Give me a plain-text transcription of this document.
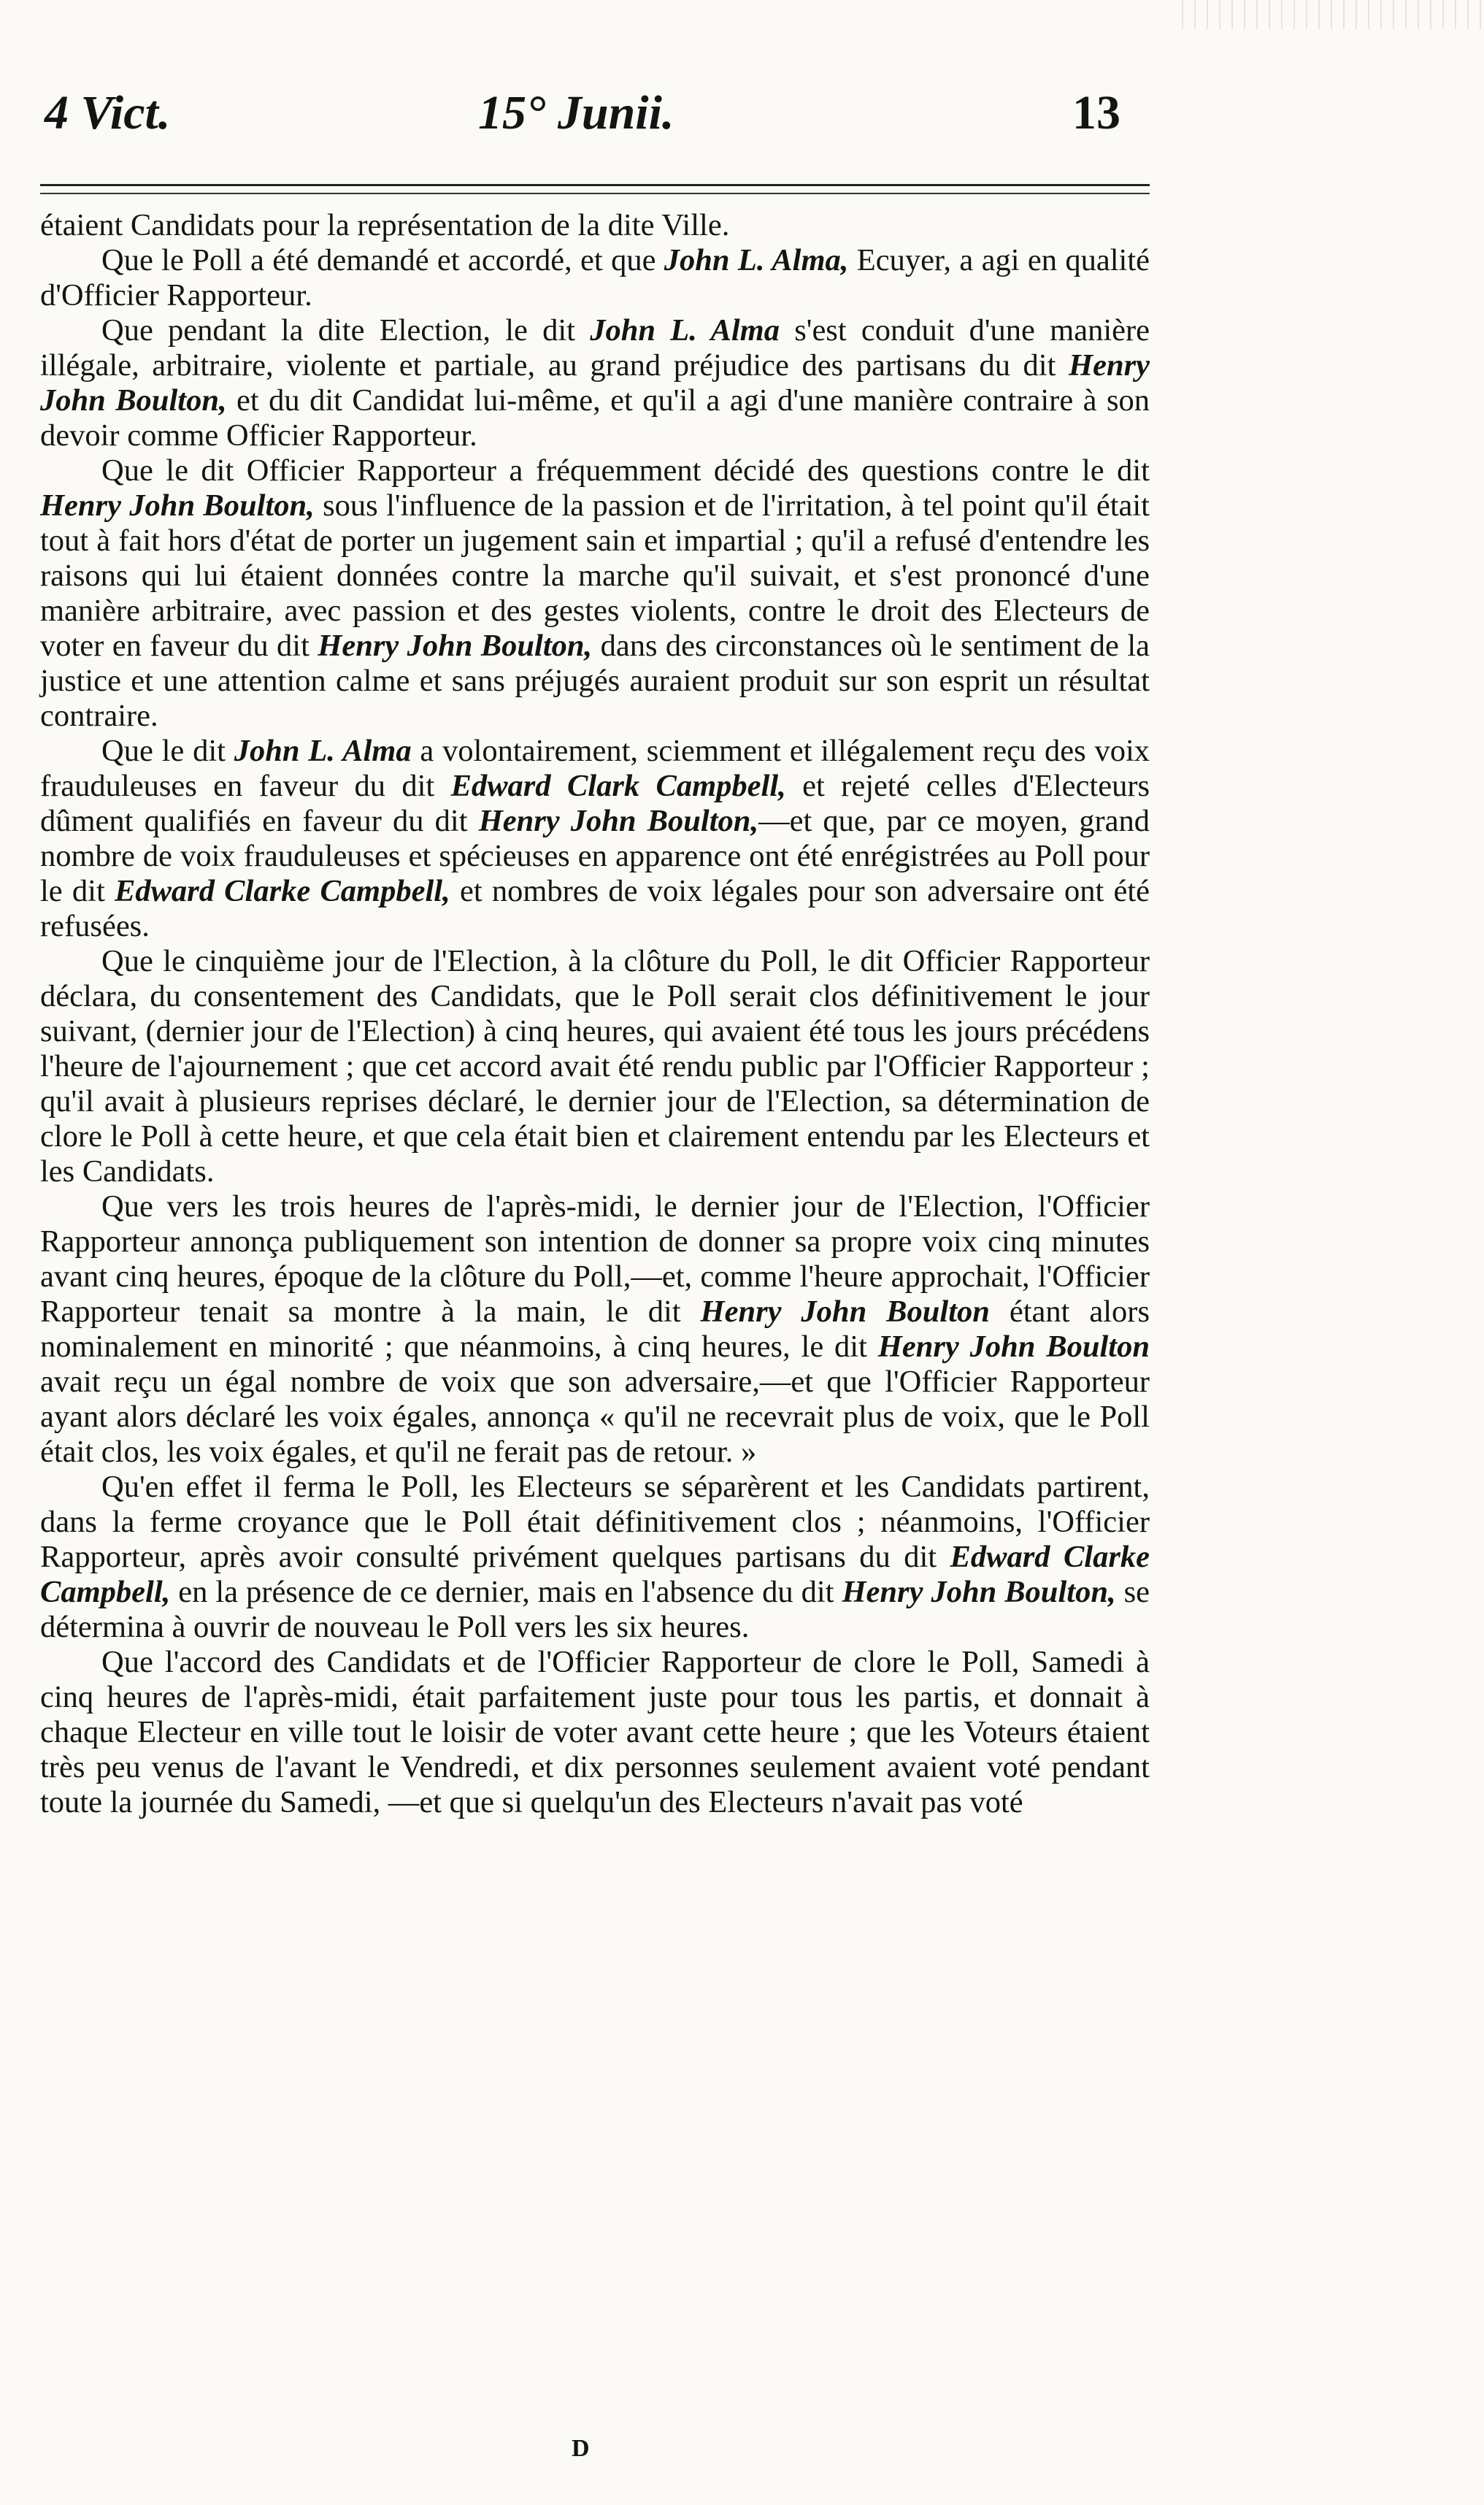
4 Vict.	15° Junii.	13

étaient Candidats pour la représentation de la dite Ville.

Que le Poll a été demandé et accordé, et que John L. Alma, Ecuyer, a agi en qualité d'Officier Rapporteur.

Que pendant la dite Election, le dit John L. Alma s'est conduit d'une manière illégale, arbitraire, violente et partiale, au grand préjudice des partisans du dit Henry John Boulton, et du dit Candidat lui-même, et qu'il a agi d'une manière contraire à son devoir comme Officier Rapporteur.

Que le dit Officier Rapporteur a fréquemment décidé des questions contre le dit Henry John Boulton, sous l'influence de la passion et de l'irritation, à tel point qu'il était tout à fait hors d'état de porter un jugement sain et impartial ; qu'il a refusé d'entendre les raisons qui lui étaient données contre la marche qu'il suivait, et s'est prononcé d'une manière arbitraire, avec passion et des gestes violents, contre le droit des Electeurs de voter en faveur du dit Henry John Boulton, dans des circonstances où le sentiment de la justice et une attention calme et sans préjugés auraient produit sur son esprit un résultat contraire.

Que le dit John L. Alma a volontairement, sciemment et illégalement reçu des voix frauduleuses en faveur du dit Edward Clark Campbell, et rejeté celles d'Electeurs dûment qualifiés en faveur du dit Henry John Boulton,—et que, par ce moyen, grand nombre de voix frauduleuses et spécieuses en apparence ont été enrégistrées au Poll pour le dit Edward Clarke Campbell, et nombres de voix légales pour son adversaire ont été refusées.

Que le cinquième jour de l'Election, à la clôture du Poll, le dit Officier Rapporteur déclara, du consentement des Candidats, que le Poll serait clos définitivement le jour suivant, (dernier jour de l'Election) à cinq heures, qui avaient été tous les jours précédens l'heure de l'ajournement ; que cet accord avait été rendu public par l'Officier Rapporteur ; qu'il avait à plusieurs reprises déclaré, le dernier jour de l'Election, sa détermination de clore le Poll à cette heure, et que cela était bien et clairement entendu par les Electeurs et les Candidats.

Que vers les trois heures de l'après-midi, le dernier jour de l'Election, l'Officier Rapporteur annonça publiquement son intention de donner sa propre voix cinq minutes avant cinq heures, époque de la clôture du Poll,—et, comme l'heure approchait, l'Officier Rapporteur tenait sa montre à la main, le dit Henry John Boulton étant alors nominalement en minorité ; que néanmoins, à cinq heures, le dit Henry John Boulton avait reçu un égal nombre de voix que son adversaire,—et que l'Officier Rapporteur ayant alors déclaré les voix égales, annonça « qu'il ne recevrait plus de voix, que le Poll était clos, les voix égales, et qu'il ne ferait pas de retour. »

Qu'en effet il ferma le Poll, les Electeurs se séparèrent et les Candidats partirent, dans la ferme croyance que le Poll était définitivement clos ; néanmoins, l'Officier Rapporteur, après avoir consulté privément quelques partisans du dit Edward Clarke Campbell, en la présence de ce dernier, mais en l'absence du dit Henry John Boulton, se détermina à ouvrir de nouveau le Poll vers les six heures.

Que l'accord des Candidats et de l'Officier Rapporteur de clore le Poll, Samedi à cinq heures de l'après-midi, était parfaitement juste pour tous les partis, et donnait à chaque Electeur en ville tout le loisir de voter avant cette heure ; que les Voteurs étaient très peu venus de l'avant le Vendredi, et dix personnes seulement avaient voté pendant toute la journée du Samedi, —et que si quelqu'un des Electeurs n'avait pas voté

D
